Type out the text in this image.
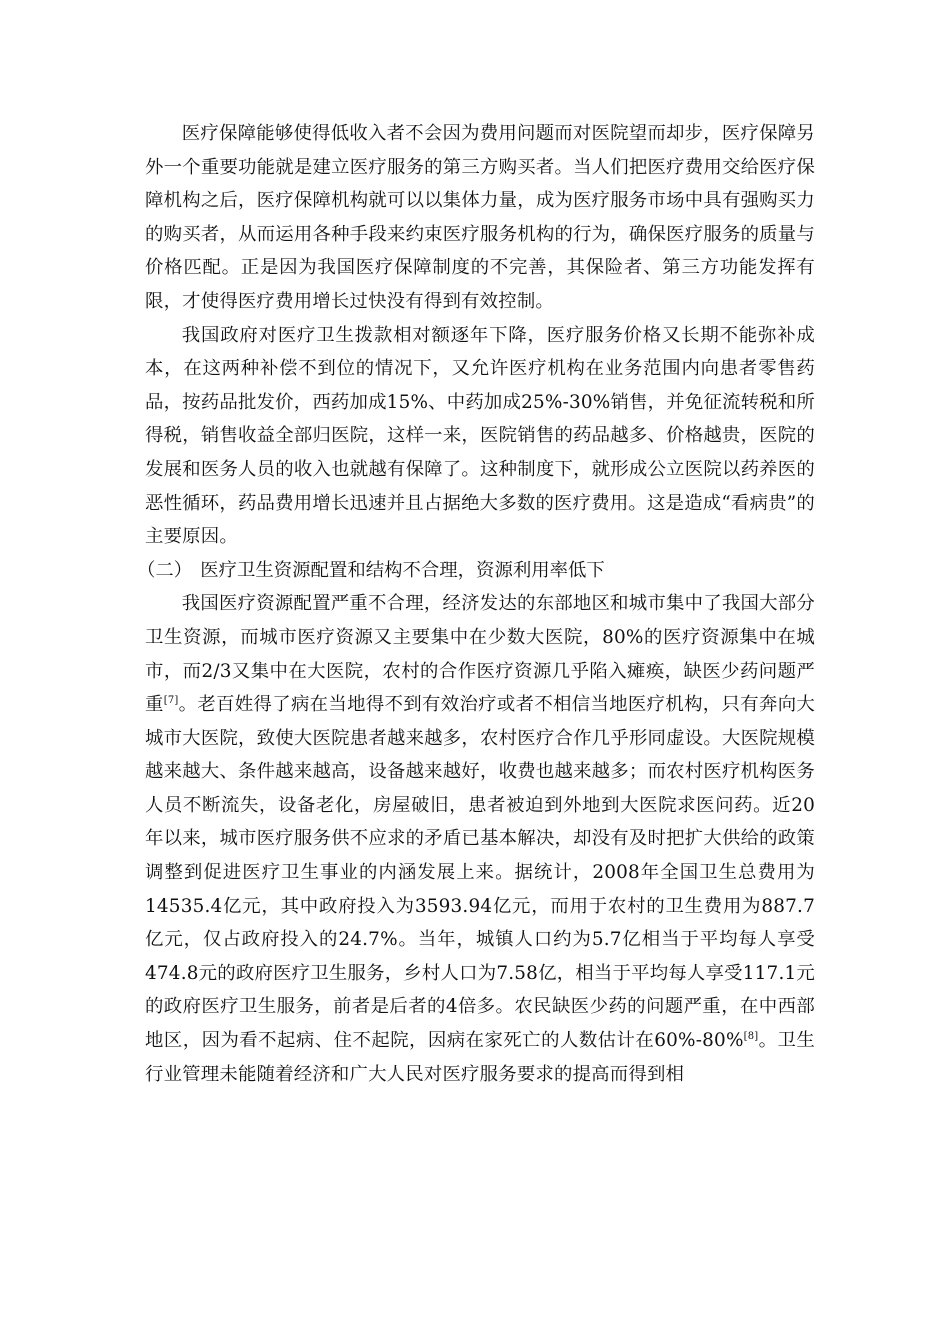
医疗保障能够使得低收入者不会因为费用问题而对医院望而却步，医疗保障另外一个重要功能就是建立医疗服务的第三方购买者。当人们把医疗费用交给医疗保障机构之后，医疗保障机构就可以以集体力量，成为医疗服务市场中具有强购买力的购买者，从而运用各种手段来约束医疗服务机构的行为，确保医疗服务的质量与价格匹配。正是因为我国医疗保障制度的不完善，其保险者、第三方功能发挥有限，才使得医疗费用增长过快没有得到有效控制。

我国政府对医疗卫生拨款相对额逐年下降，医疗服务价格又长期不能弥补成本，在这两种补偿不到位的情况下，又允许医疗机构在业务范围内向患者零售药品，按药品批发价，西药加成15%、中药加成25%-30%销售，并免征流转税和所得税，销售收益全部归医院，这样一来，医院销售的药品越多、价格越贵，医院的发展和医务人员的收入也就越有保障了。这种制度下，就形成公立医院以药养医的恶性循环，药品费用增长迅速并且占据绝大多数的医疗费用。这是造成“看病贵”的主要原因。

（二） 医疗卫生资源配置和结构不合理，资源利用率低下

我国医疗资源配置严重不合理，经济发达的东部地区和城市集中了我国大部分卫生资源，而城市医疗资源又主要集中在少数大医院，80%的医疗资源集中在城市，而2/3又集中在大医院，农村的合作医疗资源几乎陷入瘫痪，缺医少药问题严重[7]。老百姓得了病在当地得不到有效治疗或者不相信当地医疗机构，只有奔向大城市大医院，致使大医院患者越来越多，农村医疗合作几乎形同虚设。大医院规模越来越大、条件越来越高，设备越来越好，收费也越来越多；而农村医疗机构医务人员不断流失，设备老化，房屋破旧，患者被迫到外地到大医院求医问药。近20年以来，城市医疗服务供不应求的矛盾已基本解决，却没有及时把扩大供给的政策调整到促进医疗卫生事业的内涵发展上来。据统计，2008年全国卫生总费用为14535.4亿元，其中政府投入为3593.94亿元，而用于农村的卫生费用为887.7亿元，仅占政府投入的24.7%。当年，城镇人口约为5.7亿相当于平均每人享受474.8元的政府医疗卫生服务，乡村人口为7.58亿，相当于平均每人享受117.1元的政府医疗卫生服务，前者是后者的4倍多。农民缺医少药的问题严重，在中西部地区，因为看不起病、住不起院，因病在家死亡的人数估计在60%-80%[8]。卫生行业管理未能随着经济和广大人民对医疗服务要求的提高而得到相
